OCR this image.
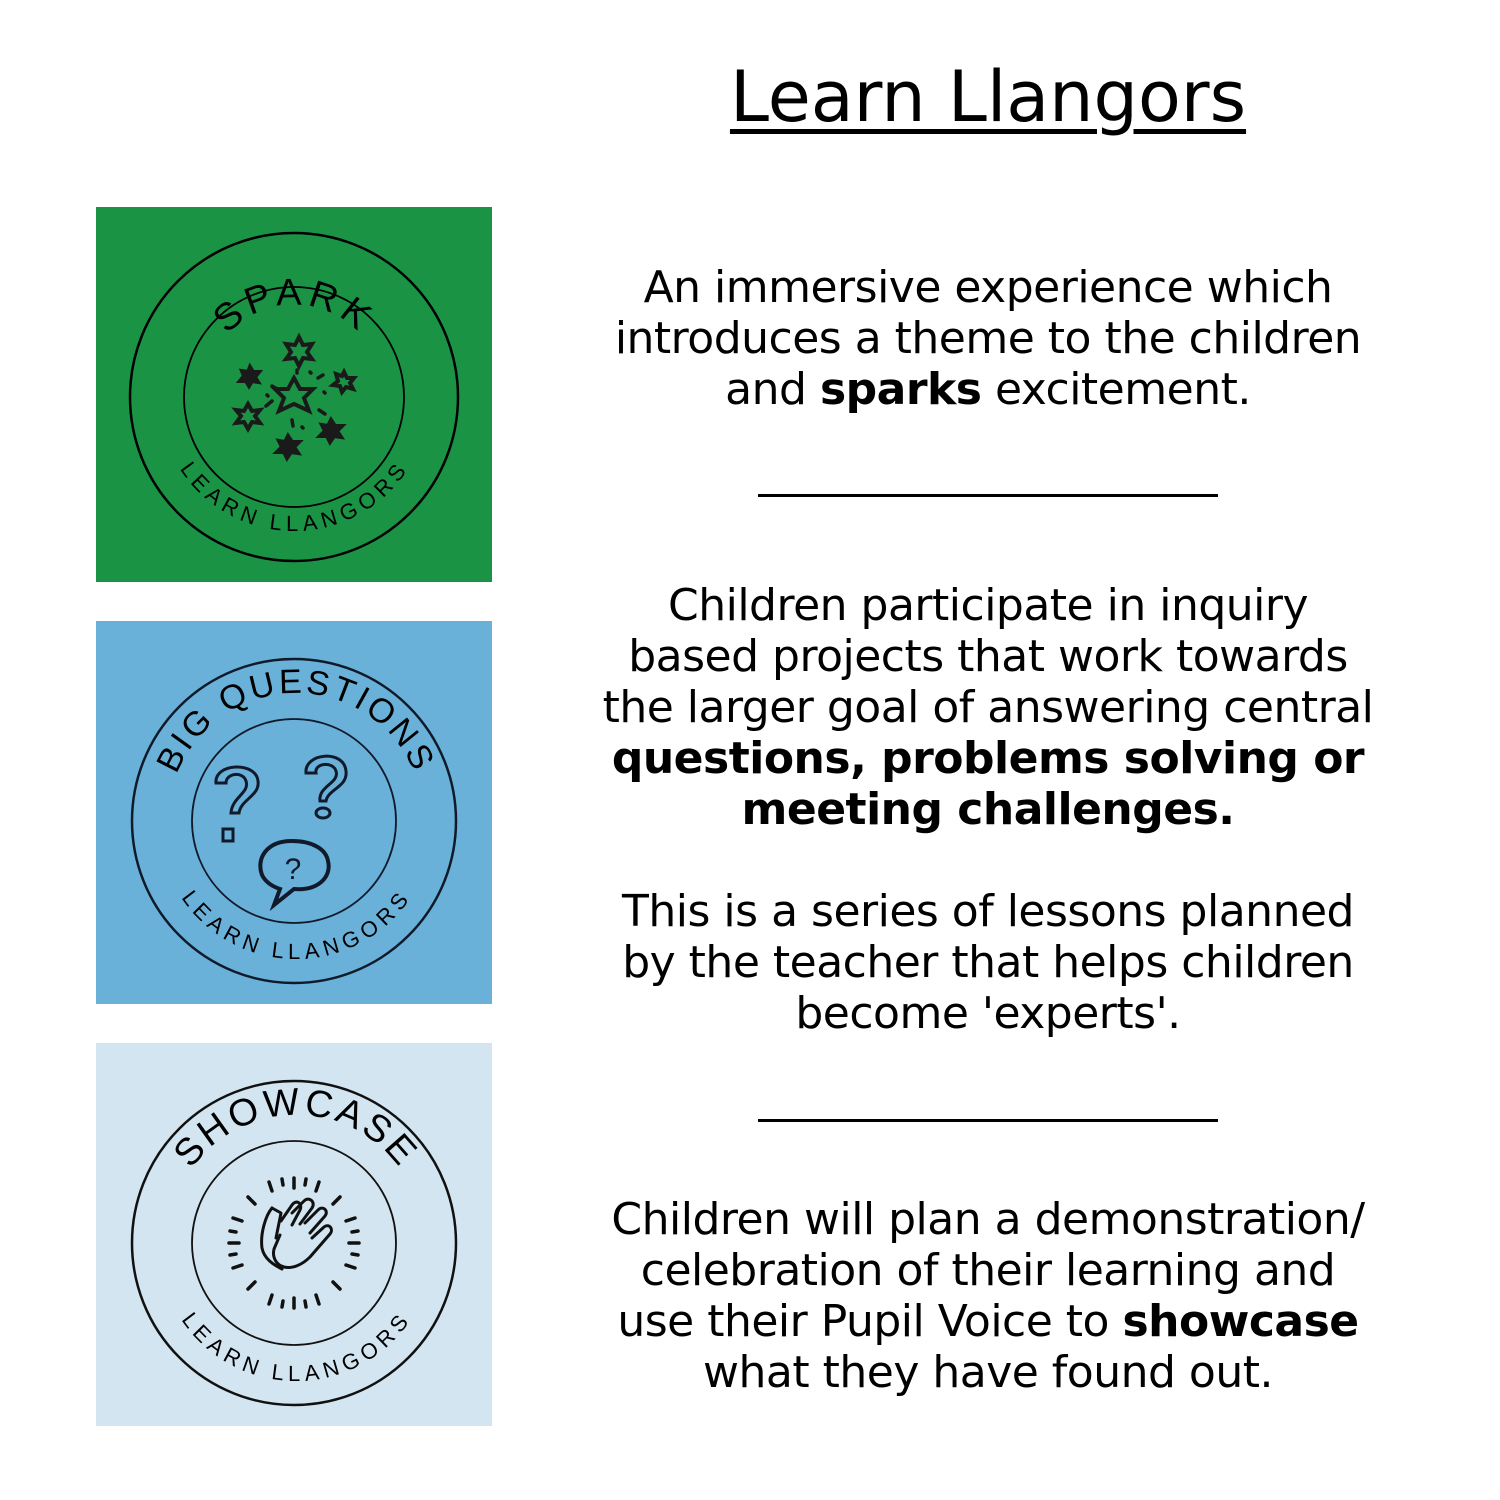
Learn Llangors
SPARK
LEARN LLANGORS
BIG QUESTIONS
LEARN LLANGORS
?
SHOWCASE
LEARN LLANGORS
An immersive experience which
introduces a theme to the children
and sparks excitement.
Children participate in inquiry
based projects that work towards
the larger goal of answering central
questions, problems solving or
meeting challenges.
This is a series of lessons planned
by the teacher that helps children
become 'experts'.
Children will plan a demonstration/
celebration of their learning and
use their Pupil Voice to showcase
what they have found out.
